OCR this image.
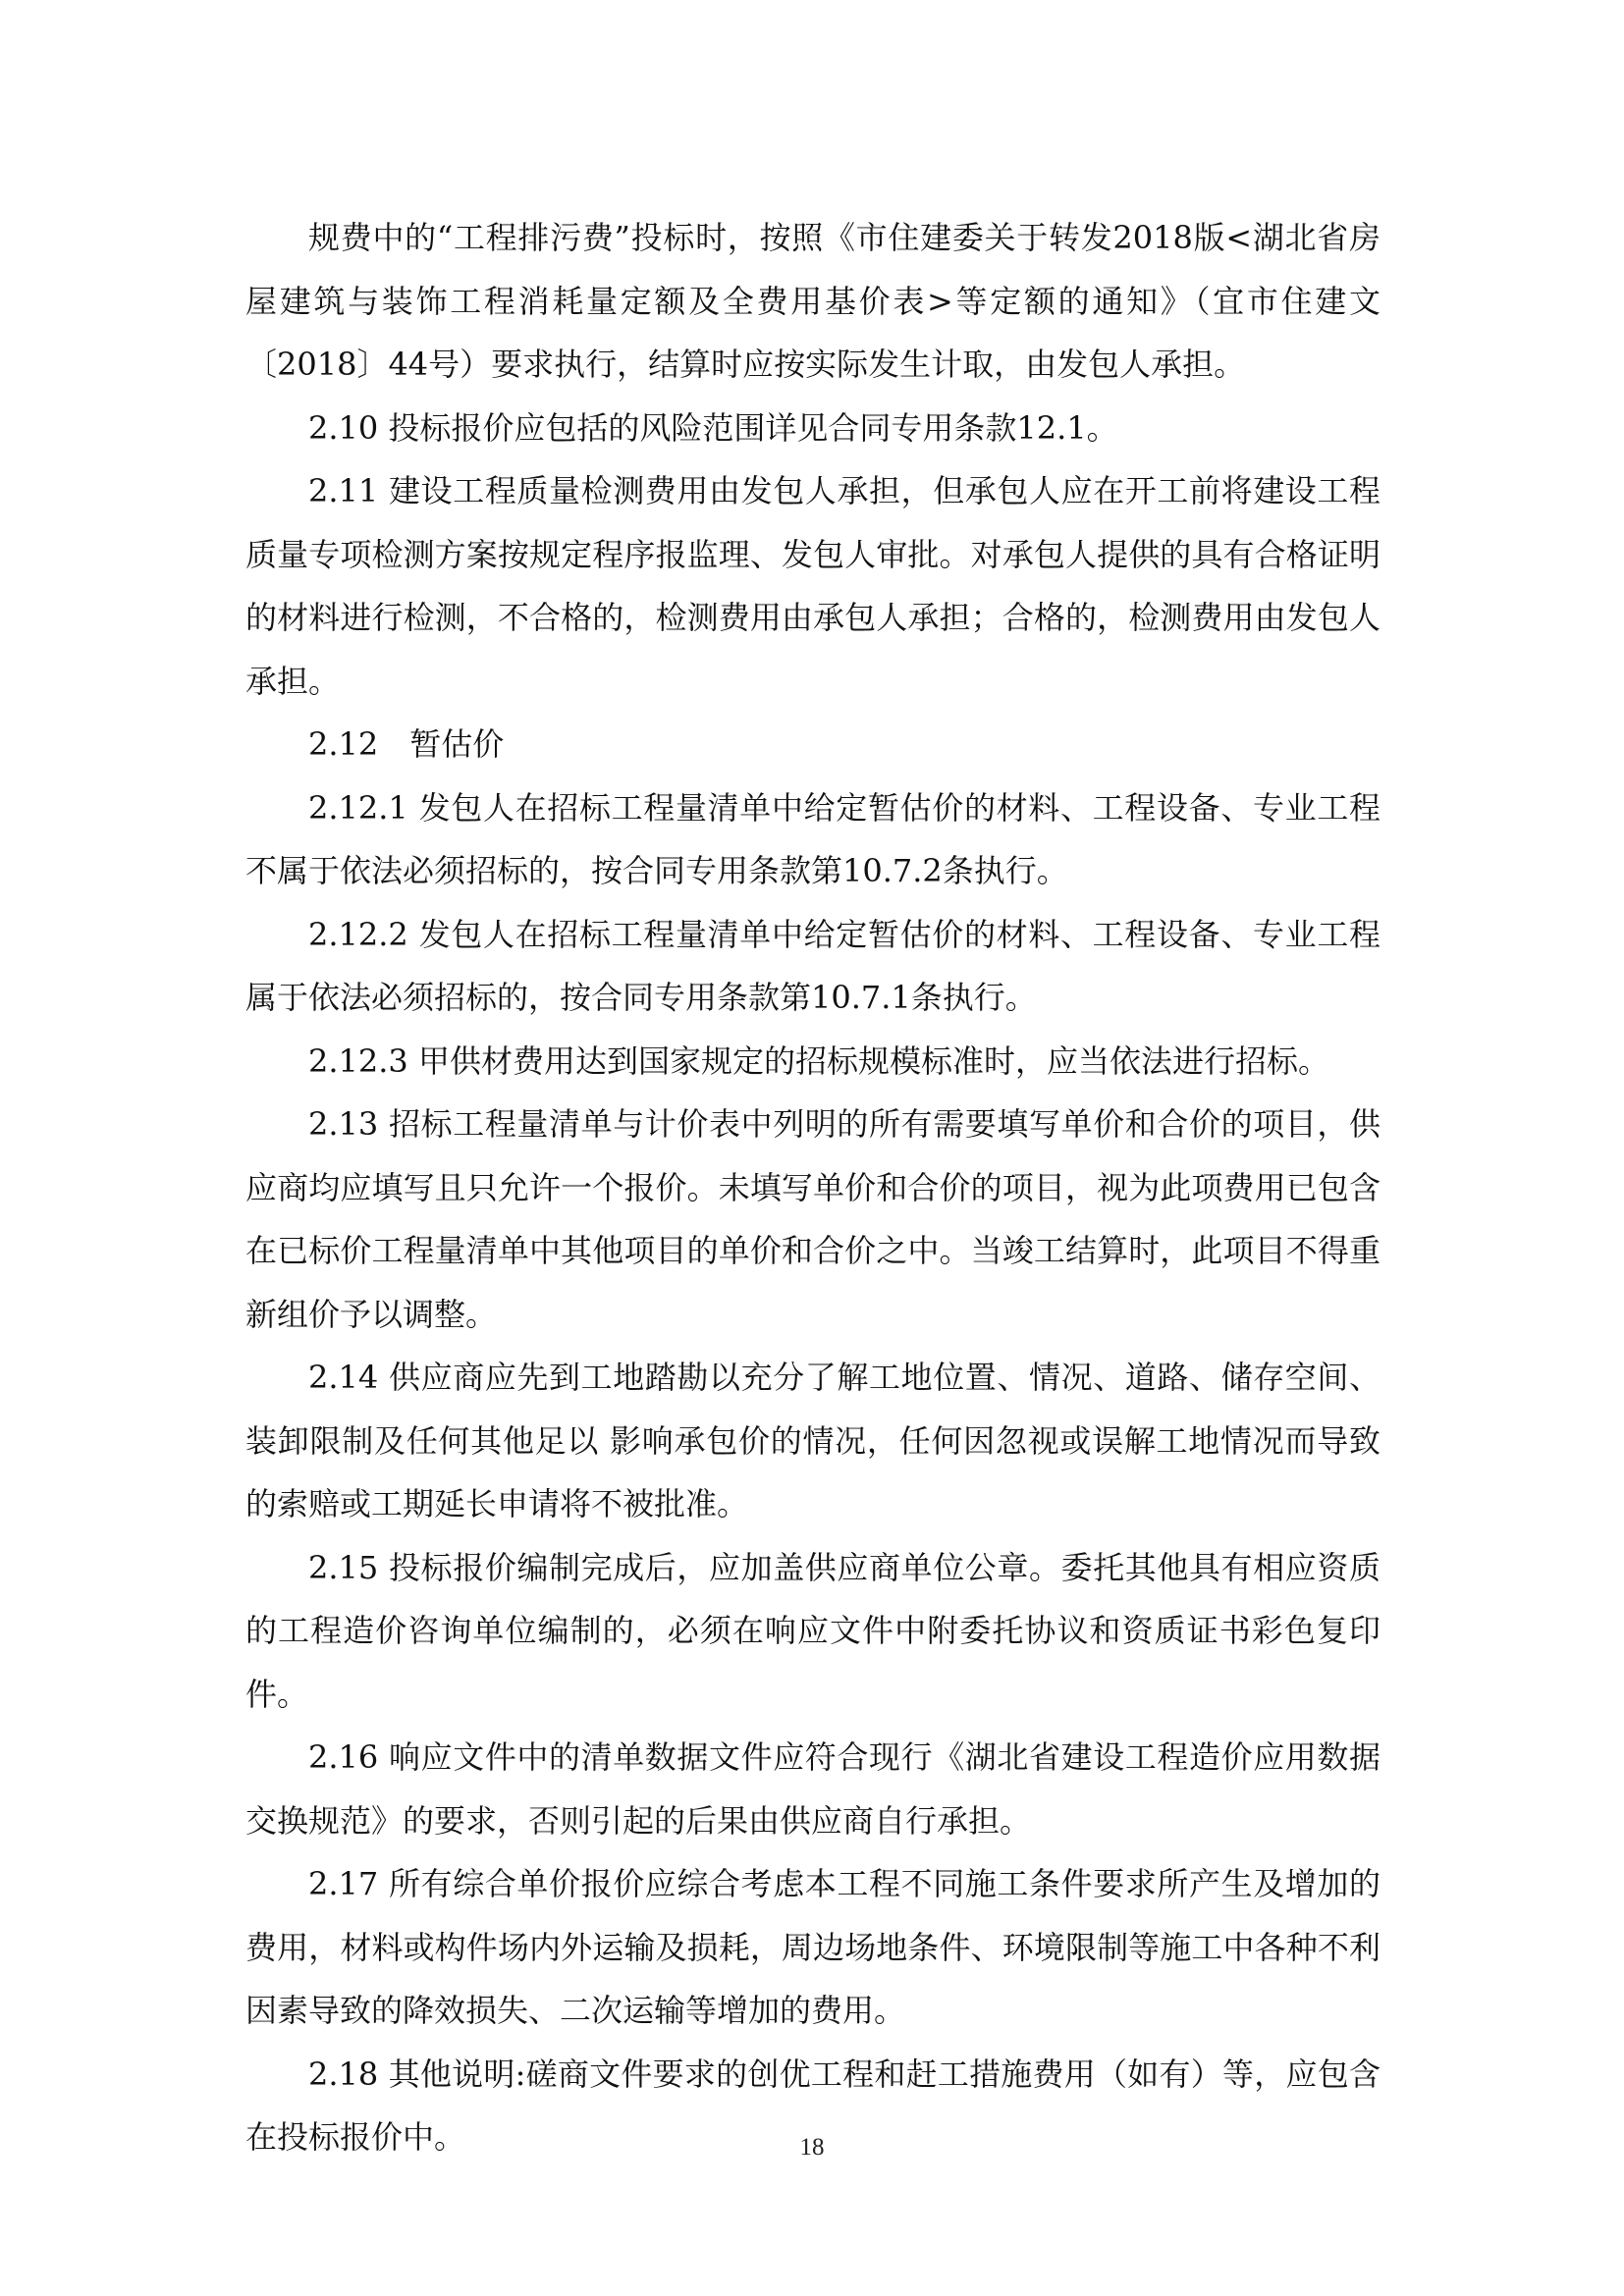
规费中的“工程排污费”投标时，按照《市住建委关于转发2018版<湖北省房屋建筑与装饰工程消耗量定额及全费用基价表>等定额的通知》（宜市住建文〔2018〕44号）要求执行，结算时应按实际发生计取，由发包人承担。

2.10 投标报价应包括的风险范围详见合同专用条款12.1。

2.11 建设工程质量检测费用由发包人承担，但承包人应在开工前将建设工程质量专项检测方案按规定程序报监理、发包人审批。对承包人提供的具有合格证明的材料进行检测，不合格的，检测费用由承包人承担；合格的，检测费用由发包人承担。

2.12　暂估价

2.12.1 发包人在招标工程量清单中给定暂估价的材料、工程设备、专业工程不属于依法必须招标的，按合同专用条款第10.7.2条执行。

2.12.2 发包人在招标工程量清单中给定暂估价的材料、工程设备、专业工程属于依法必须招标的，按合同专用条款第10.7.1条执行。

2.12.3 甲供材费用达到国家规定的招标规模标准时，应当依法进行招标。

2.13 招标工程量清单与计价表中列明的所有需要填写单价和合价的项目，供应商均应填写且只允许一个报价。未填写单价和合价的项目，视为此项费用已包含在已标价工程量清单中其他项目的单价和合价之中。当竣工结算时，此项目不得重新组价予以调整。

2.14 供应商应先到工地踏勘以充分了解工地位置、情况、道路、储存空间、装卸限制及任何其他足以 影响承包价的情况，任何因忽视或误解工地情况而导致的索赔或工期延长申请将不被批准。

2.15 投标报价编制完成后，应加盖供应商单位公章。委托其他具有相应资质的工程造价咨询单位编制的，必须在响应文件中附委托协议和资质证书彩色复印件。

2.16 响应文件中的清单数据文件应符合现行《湖北省建设工程造价应用数据交换规范》的要求，否则引起的后果由供应商自行承担。

2.17 所有综合单价报价应综合考虑本工程不同施工条件要求所产生及增加的费用，材料或构件场内外运输及损耗，周边场地条件、环境限制等施工中各种不利因素导致的降效损失、二次运输等增加的费用。

2.18 其他说明:磋商文件要求的创优工程和赶工措施费用（如有）等，应包含在投标报价中。	18
